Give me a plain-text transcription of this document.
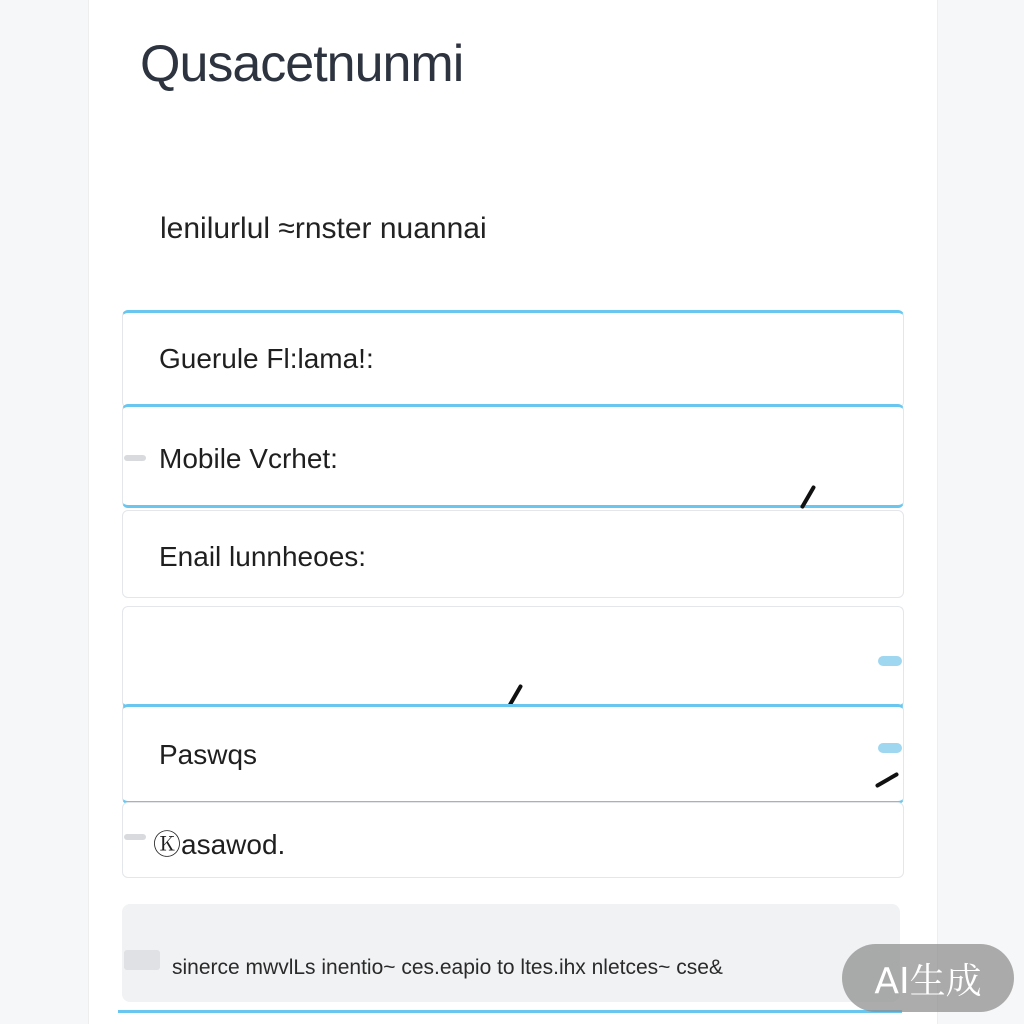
Qusacetnunmi
lenilurlul ≈rnster nuannai
Guerule Fl:lama!:
Mobile Vcrhet:
Enail lunnheoes:
Paswqs
Ⓚasawod.
sinerce mwvlLs inentio~ ces.eapio to ltes.ihx nletces~ cse&	AI生成
